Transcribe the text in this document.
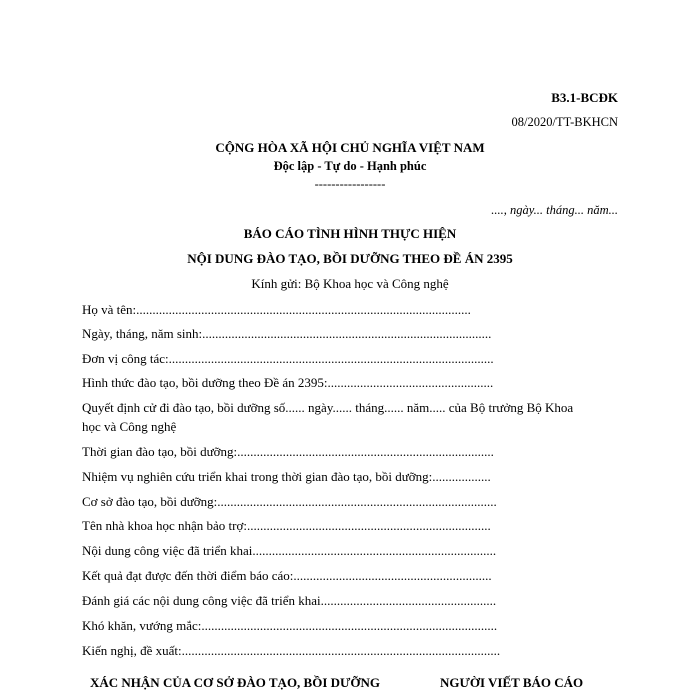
B3.1-BCĐK
08/2020/TT-BKHCN
CỘNG HÒA XÃ HỘI CHỦ NGHĨA VIỆT NAM
Độc lập - Tự do - Hạnh phúc
-----------------
...., ngày... tháng... năm...
BÁO CÁO TÌNH HÌNH THỰC HIỆN
NỘI DUNG ĐÀO TẠO, BỒI DƯỠNG THEO ĐỀ ÁN 2395
Kính gửi: Bộ Khoa học và Công nghệ
Họ và tên:.......................................................................................................
Ngày, tháng, năm sinh:.........................................................................................
Đơn vị công tác:....................................................................................................
Hình thức đào tạo, bồi dưỡng theo Đề án 2395:...................................................
Quyết định cử đi đào tạo, bồi dưỡng số...... ngày...... tháng...... năm..... của Bộ trưởng Bộ Khoa
học và Công nghệ
Thời gian đào tạo, bồi dưỡng:...............................................................................
Nhiệm vụ nghiên cứu triển khai trong thời gian đào tạo, bồi dưỡng:..................
Cơ sở đào tạo, bồi dưỡng:......................................................................................
Tên nhà khoa học nhận bảo trợ:...........................................................................
Nội dung công việc đã triển khai...........................................................................
Kết quả đạt được đến thời điểm báo cáo:.............................................................
Đánh giá các nội dung công việc đã triển khai......................................................
Khó khăn, vướng mắc:...........................................................................................
Kiến nghị, đề xuất:..................................................................................................
XÁC NHẬN CỦA CƠ SỞ ĐÀO TẠO, BỒI DƯỠNG	NGƯỜI VIẾT BÁO CÁO
